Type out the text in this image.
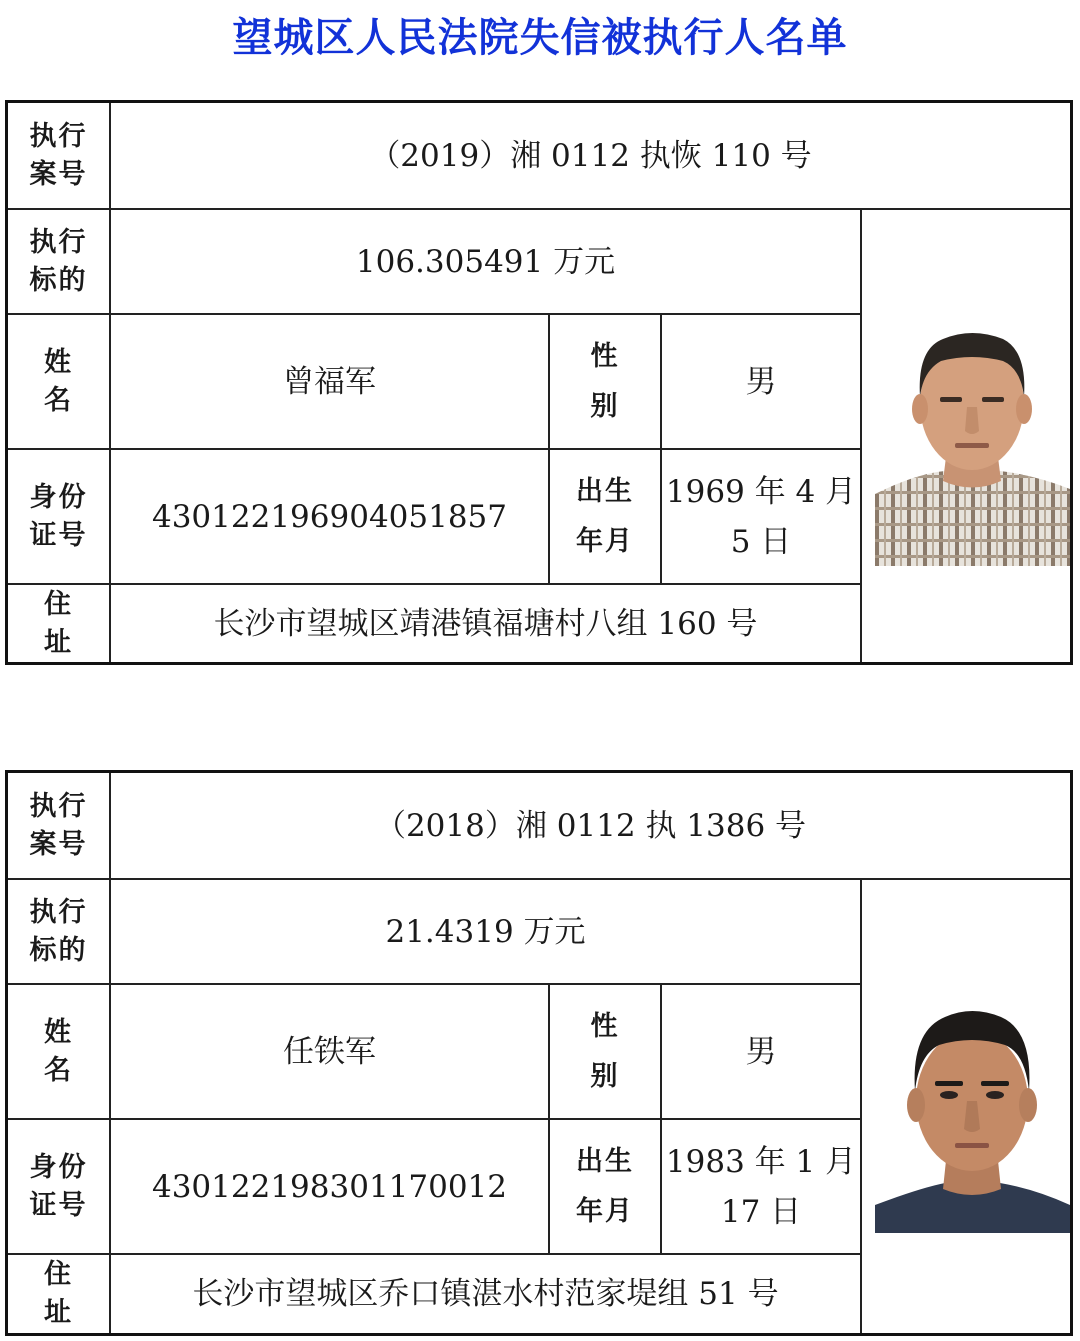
望城区人民法院失信被执行人名单
执行
案号
（2019）湘 0112 执恢 110 号
执行
标的
106.305491 万元
姓
名
曾福军
性
别
男
身份
证号
430122196904051857
出生
年月
1969 年 4 月
5 日
住
址
长沙市望城区靖港镇福塘村八组 160 号
执行
案号
（2018）湘 0112 执 1386 号
执行
标的
21.4319 万元
姓
名
任铁军
性
别
男
身份
证号
430122198301170012
出生
年月
1983 年 1 月
17 日
住
址
长沙市望城区乔口镇湛水村范家堤组 51 号
